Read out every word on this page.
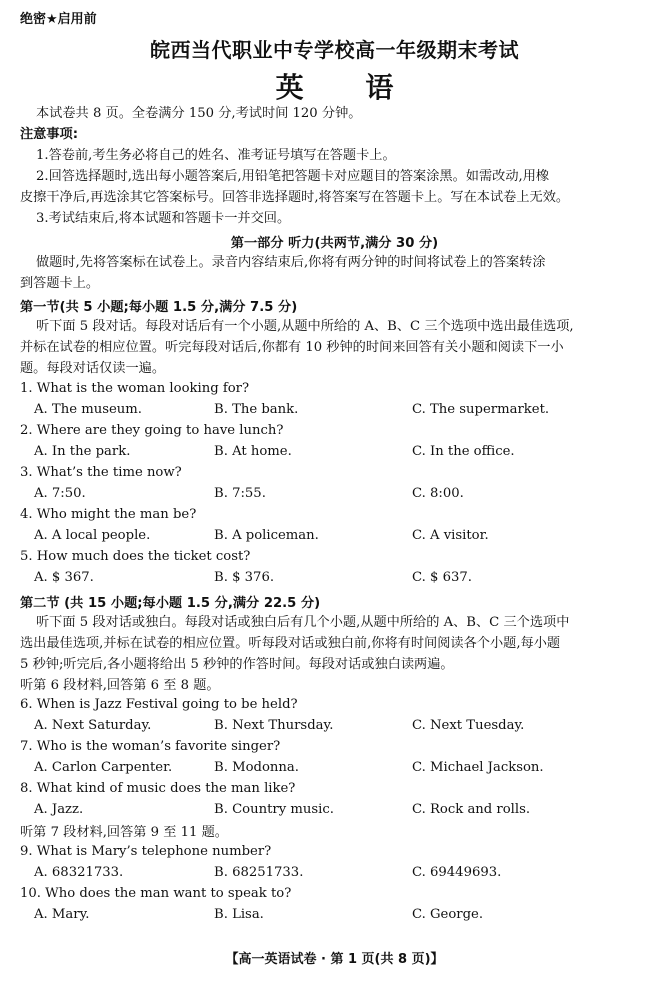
绝密★启用前
皖西当代职业中专学校高一年级期末考试
英 语
本试卷共 8 页。全卷满分 150 分,考试时间 120 分钟。
注意事项:
1.答卷前,考生务必将自己的姓名、准考证号填写在答题卡上。
2.回答选择题时,选出每小题答案后,用铅笔把答题卡对应题目的答案涂黑。如需改动,用橡
皮擦干净后,再选涂其它答案标号。回答非选择题时,将答案写在答题卡上。写在本试卷上无效。
3.考试结束后,将本试题和答题卡一并交回。
第一部分 听力(共两节,满分 30 分)
做题时,先将答案标在试卷上。录音内容结束后,你将有两分钟的时间将试卷上的答案转涂
到答题卡上。
第一节(共 5 小题;每小题 1.5 分,满分 7.5 分)
听下面 5 段对话。每段对话后有一个小题,从题中所给的 A、B、C 三个选项中选出最佳选项,
并标在试卷的相应位置。听完每段对话后,你都有 10 秒钟的时间来回答有关小题和阅读下一小
题。每段对话仅读一遍。
1. What is the woman looking for?
A. The museum.	B. The bank.	C. The supermarket.
2. Where are they going to have lunch?
A. In the park.	B. At home.	C. In the office.
3. What’s the time now?
A. 7:50.	B. 7:55.	C. 8:00.
4. Who might the man be?
A. A local people.	B. A policeman.	C. A visitor.
5. How much does the ticket cost?
A. $ 367.	B. $ 376.	C. $ 637.
第二节 (共 15 小题;每小题 1.5 分,满分 22.5 分)
听下面 5 段对话或独白。每段对话或独白后有几个小题,从题中所给的 A、B、C 三个选项中
选出最佳选项,并标在试卷的相应位置。听每段对话或独白前,你将有时间阅读各个小题,每小题
5 秒钟;听完后,各小题将给出 5 秒钟的作答时间。每段对话或独白读两遍。
听第 6 段材料,回答第 6 至 8 题。
6. When is Jazz Festival going to be held?
A. Next Saturday.	B. Next Thursday.	C. Next Tuesday.
7. Who is the woman’s favorite singer?
A. Carlon Carpenter.	B. Modonna.	C. Michael Jackson.
8. What kind of music does the man like?
A. Jazz.	B. Country music.	C. Rock and rolls.
听第 7 段材料,回答第 9 至 11 题。
9. What is Mary’s telephone number?
A. 68321733.	B. 68251733.	C. 69449693.
10. Who does the man want to speak to?
A. Mary.	B. Lisa.	C. George.
【高一英语试卷 · 第 1 页(共 8 页)】
